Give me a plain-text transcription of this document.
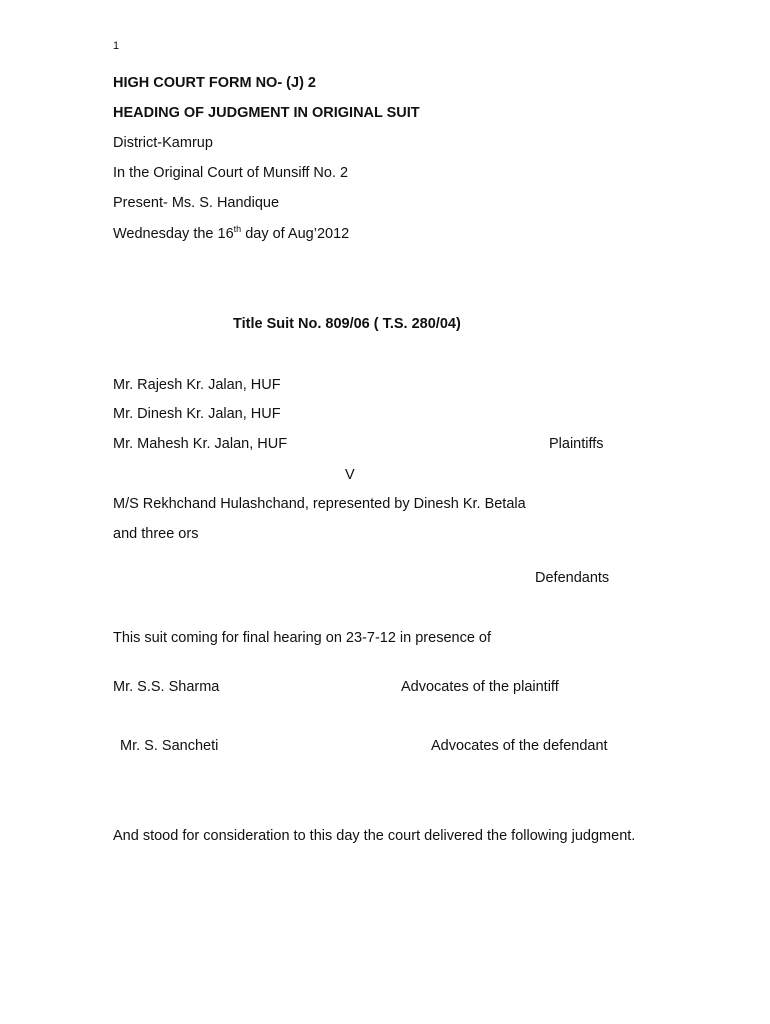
1
HIGH COURT FORM NO- (J) 2
HEADING OF JUDGMENT IN ORIGINAL SUIT
District-Kamrup
In the Original Court of Munsiff No. 2
Present- Ms. S. Handique
Wednesday the 16th day of Aug’2012
Title Suit No. 809/06 ( T.S. 280/04)
Mr. Rajesh Kr. Jalan, HUF
Mr. Dinesh Kr. Jalan, HUF
Mr. Mahesh Kr. Jalan, HUF	Plaintiffs
V
M/S Rekhchand Hulashchand, represented by Dinesh Kr. Betala
and three ors
Defendants
This suit coming for final hearing on 23-7-12 in presence of
Mr. S.S. Sharma	Advocates of the plaintiff
Mr. S. Sancheti	Advocates of the defendant
And stood for consideration to this day the court delivered the following judgment.
